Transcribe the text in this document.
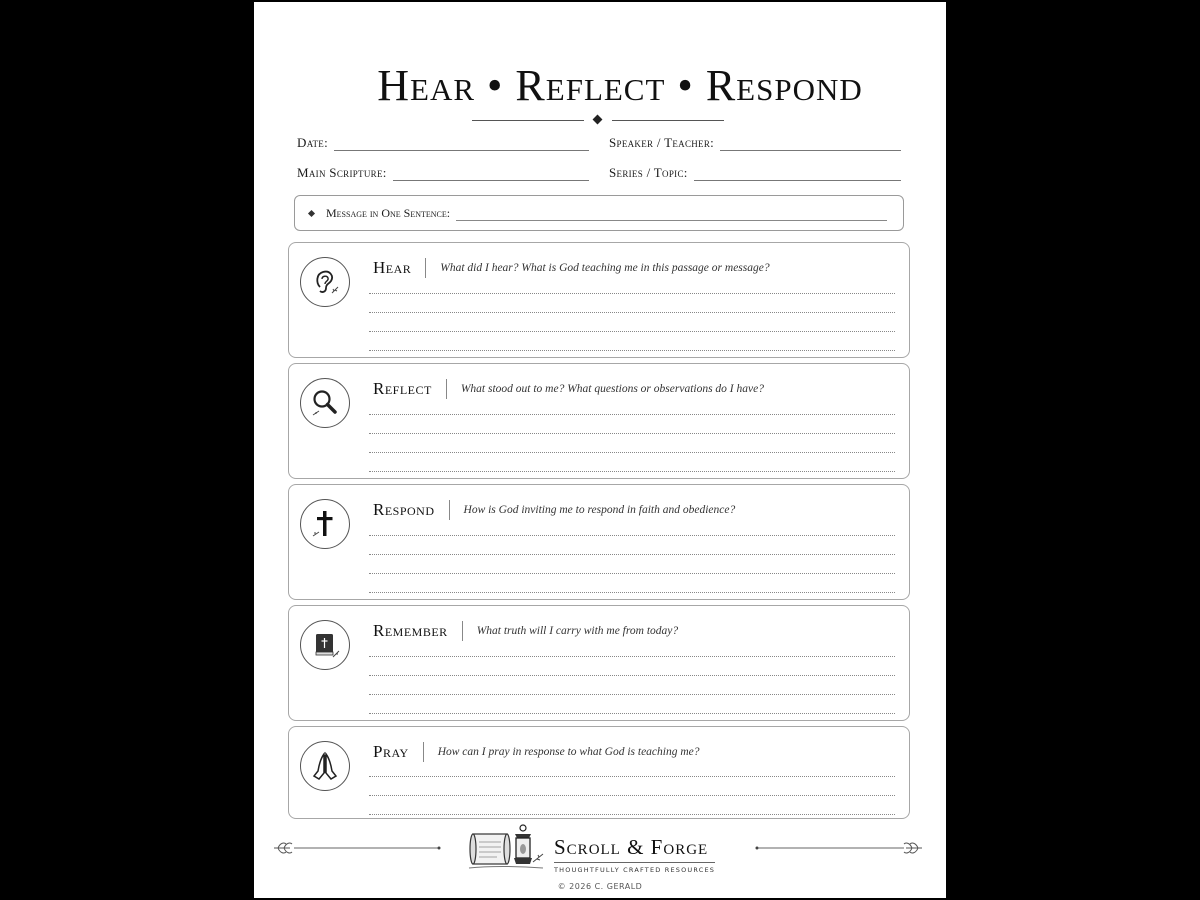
Hear • Reflect • Respond
Date:	Speaker / Teacher:
Main Scripture:	Series / Topic:
Message in One Sentence:
Hear	What did I hear? What is God teaching me in this passage or message?
Reflect	What stood out to me? What questions or observations do I have?
Respond	How is God inviting me to respond in faith and obedience?
Remember	What truth will I carry with me from today?
Pray	How can I pray in response to what God is teaching me?
Scroll & Forge
THOUGHTFULLY CRAFTED RESOURCES
© 2026 C. GERALD
